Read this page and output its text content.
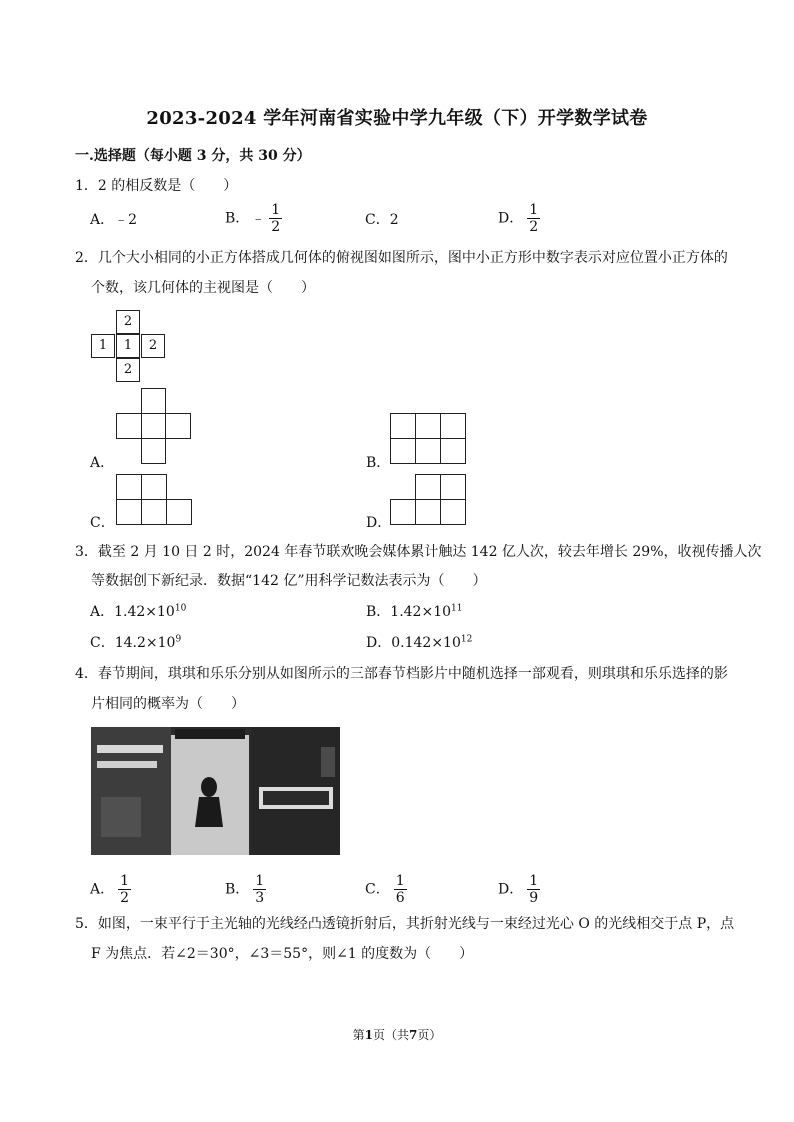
2023-2024 学年河南省实验中学九年级（下）开学数学试卷
一.选择题（每小题 3 分，共 30 分）
1．2 的相反数是（　　）
A．﹣2	B． ﹣ $\frac{1}{2}$	C．2	D． $\frac{1}{2}$
2．几个大小相同的小正方体搭成几何体的俯视图如图所示，图中小正方形中数字表示对应位置小正方体的
个数，该几何体的主视图是（　　）
2
1	1	2
2
A．	B．
C．	D．
3．截至 2 月 10 日 2 时，2024 年春节联欢晚会媒体累计触达 142 亿人次，较去年增长 29%，收视传播人次
等数据创下新纪录．数据“142 亿”用科学记数法表示为（　　）
A．$1.42\times 10^{10}$	B．$1.42\times 10^{11}$
C．$14.2\times 10^9$	D．$0.142\times 10^{12}$
4．春节期间，琪琪和乐乐分别从如图所示的三部春节档影片中随机选择一部观看，则琪琪和乐乐选择的影
片相同的概率为（　　）
A． $\frac{1}{2}$	B． $\frac{1}{3}$	C． $\frac{1}{6}$	D． $\frac{1}{9}$
5．如图，一束平行于主光轴的光线经凸透镜折射后，其折射光线与一束经过光心 O 的光线相交于点 P，点
F 为焦点．若∠2＝30°，∠3＝55°，则∠1 的度数为（　　）
第1页（共7页）
